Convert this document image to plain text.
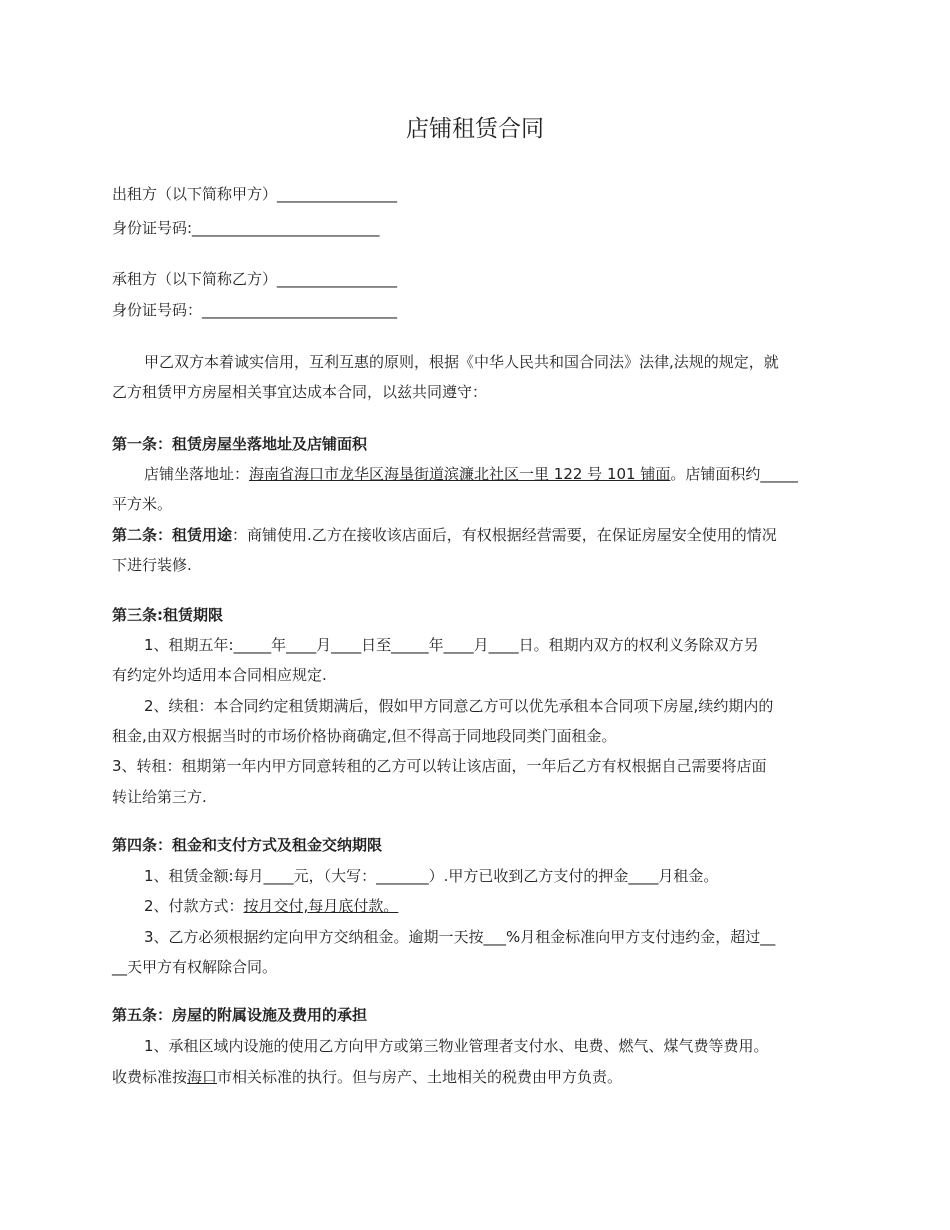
店铺租赁合同
出租方（以下简称甲方）________________
身份证号码:_________________________
承租方（以下简称乙方）________________
身份证号码：__________________________
甲乙双方本着诚实信用，互利互惠的原则，根据《中华人民共和国合同法》法律,法规的规定，就
乙方租赁甲方房屋相关事宜达成本合同，以兹共同遵守：
第一条：租赁房屋坐落地址及店铺面积
店铺坐落地址：海南省海口市龙华区海垦街道滨濂北社区一里 122 号 101 铺面。店铺面积约_____
平方米。
第二条：租赁用途：商铺使用.乙方在接收该店面后，有权根据经营需要，在保证房屋安全使用的情况
下进行装修.
第三条:租赁期限
1、租期五年:_____年____月____日至_____年____月____日。租期内双方的权利义务除双方另
有约定外均适用本合同相应规定.
2、续租：本合同约定租赁期满后，假如甲方同意乙方可以优先承租本合同项下房屋,续约期内的
租金,由双方根据当时的市场价格协商确定,但不得高于同地段同类门面租金。
3、转租：租期第一年内甲方同意转租的乙方可以转让该店面，一年后乙方有权根据自己需要将店面
转让给第三方.
第四条：租金和支付方式及租金交纳期限
1、租赁金额:每月____元，（大写：_______）.甲方已收到乙方支付的押金____月租金。
2、付款方式：按月交付,每月底付款。
3、乙方必须根据约定向甲方交纳租金。逾期一天按___%月租金标准向甲方支付违约金，超过__
__天甲方有权解除合同。
第五条：房屋的附属设施及费用的承担
1、承租区域内设施的使用乙方向甲方或第三物业管理者支付水、电费、燃气、煤气费等费用。
收费标准按海口市相关标准的执行。但与房产、土地相关的税费由甲方负责。
